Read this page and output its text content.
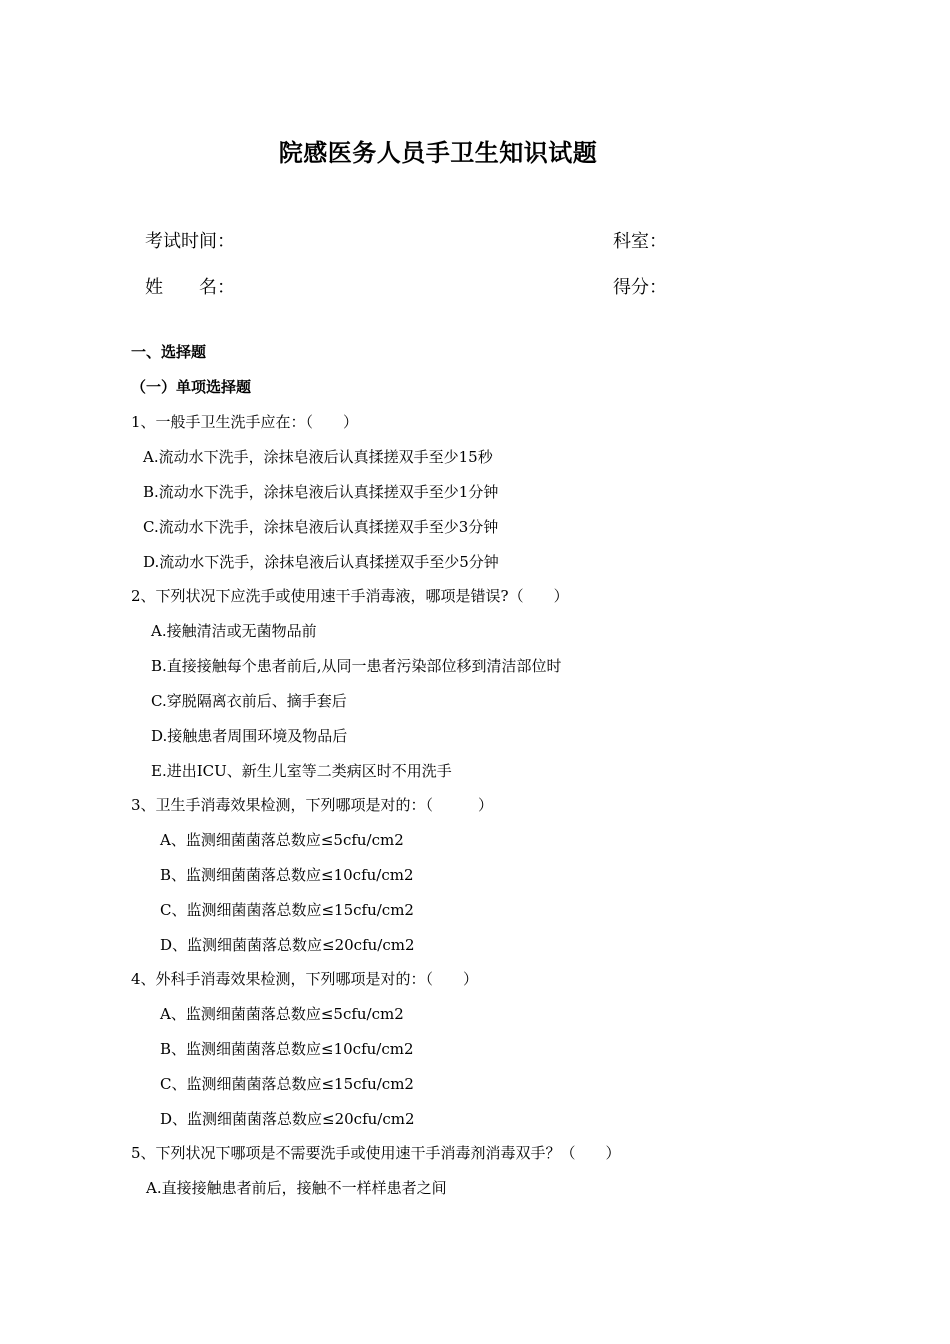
院感医务人员手卫生知识试题
考试时间：	科室：
姓　　名：	得分：
一、选择题
（一）单项选择题
1、一般手卫生洗手应在：（　　）
A.流动水下洗手，涂抹皂液后认真揉搓双手至少15秒
B.流动水下洗手，涂抹皂液后认真揉搓双手至少1分钟
C.流动水下洗手，涂抹皂液后认真揉搓双手至少3分钟
D.流动水下洗手，涂抹皂液后认真揉搓双手至少5分钟
2、下列状况下应洗手或使用速干手消毒液，哪项是错误?（　　）
A.接触清洁或无菌物品前
B.直接接触每个患者前后,从同一患者污染部位移到清洁部位时
C.穿脱隔离衣前后、摘手套后
D.接触患者周围环境及物品后
E.进出ICU、新生儿室等二类病区时不用洗手
3、卫生手消毒效果检测，下列哪项是对的：（　　　）
A、监测细菌菌落总数应≤5cfu/cm2
B、监测细菌菌落总数应≤10cfu/cm2
C、监测细菌菌落总数应≤15cfu/cm2
D、监测细菌菌落总数应≤20cfu/cm2
4、外科手消毒效果检测，下列哪项是对的：（　　）
A、监测细菌菌落总数应≤5cfu/cm2
B、监测细菌菌落总数应≤10cfu/cm2
C、监测细菌菌落总数应≤15cfu/cm2
D、监测细菌菌落总数应≤20cfu/cm2
5、下列状况下哪项是不需要洗手或使用速干手消毒剂消毒双手？（　　）
A.直接接触患者前后，接触不一样样患者之间
